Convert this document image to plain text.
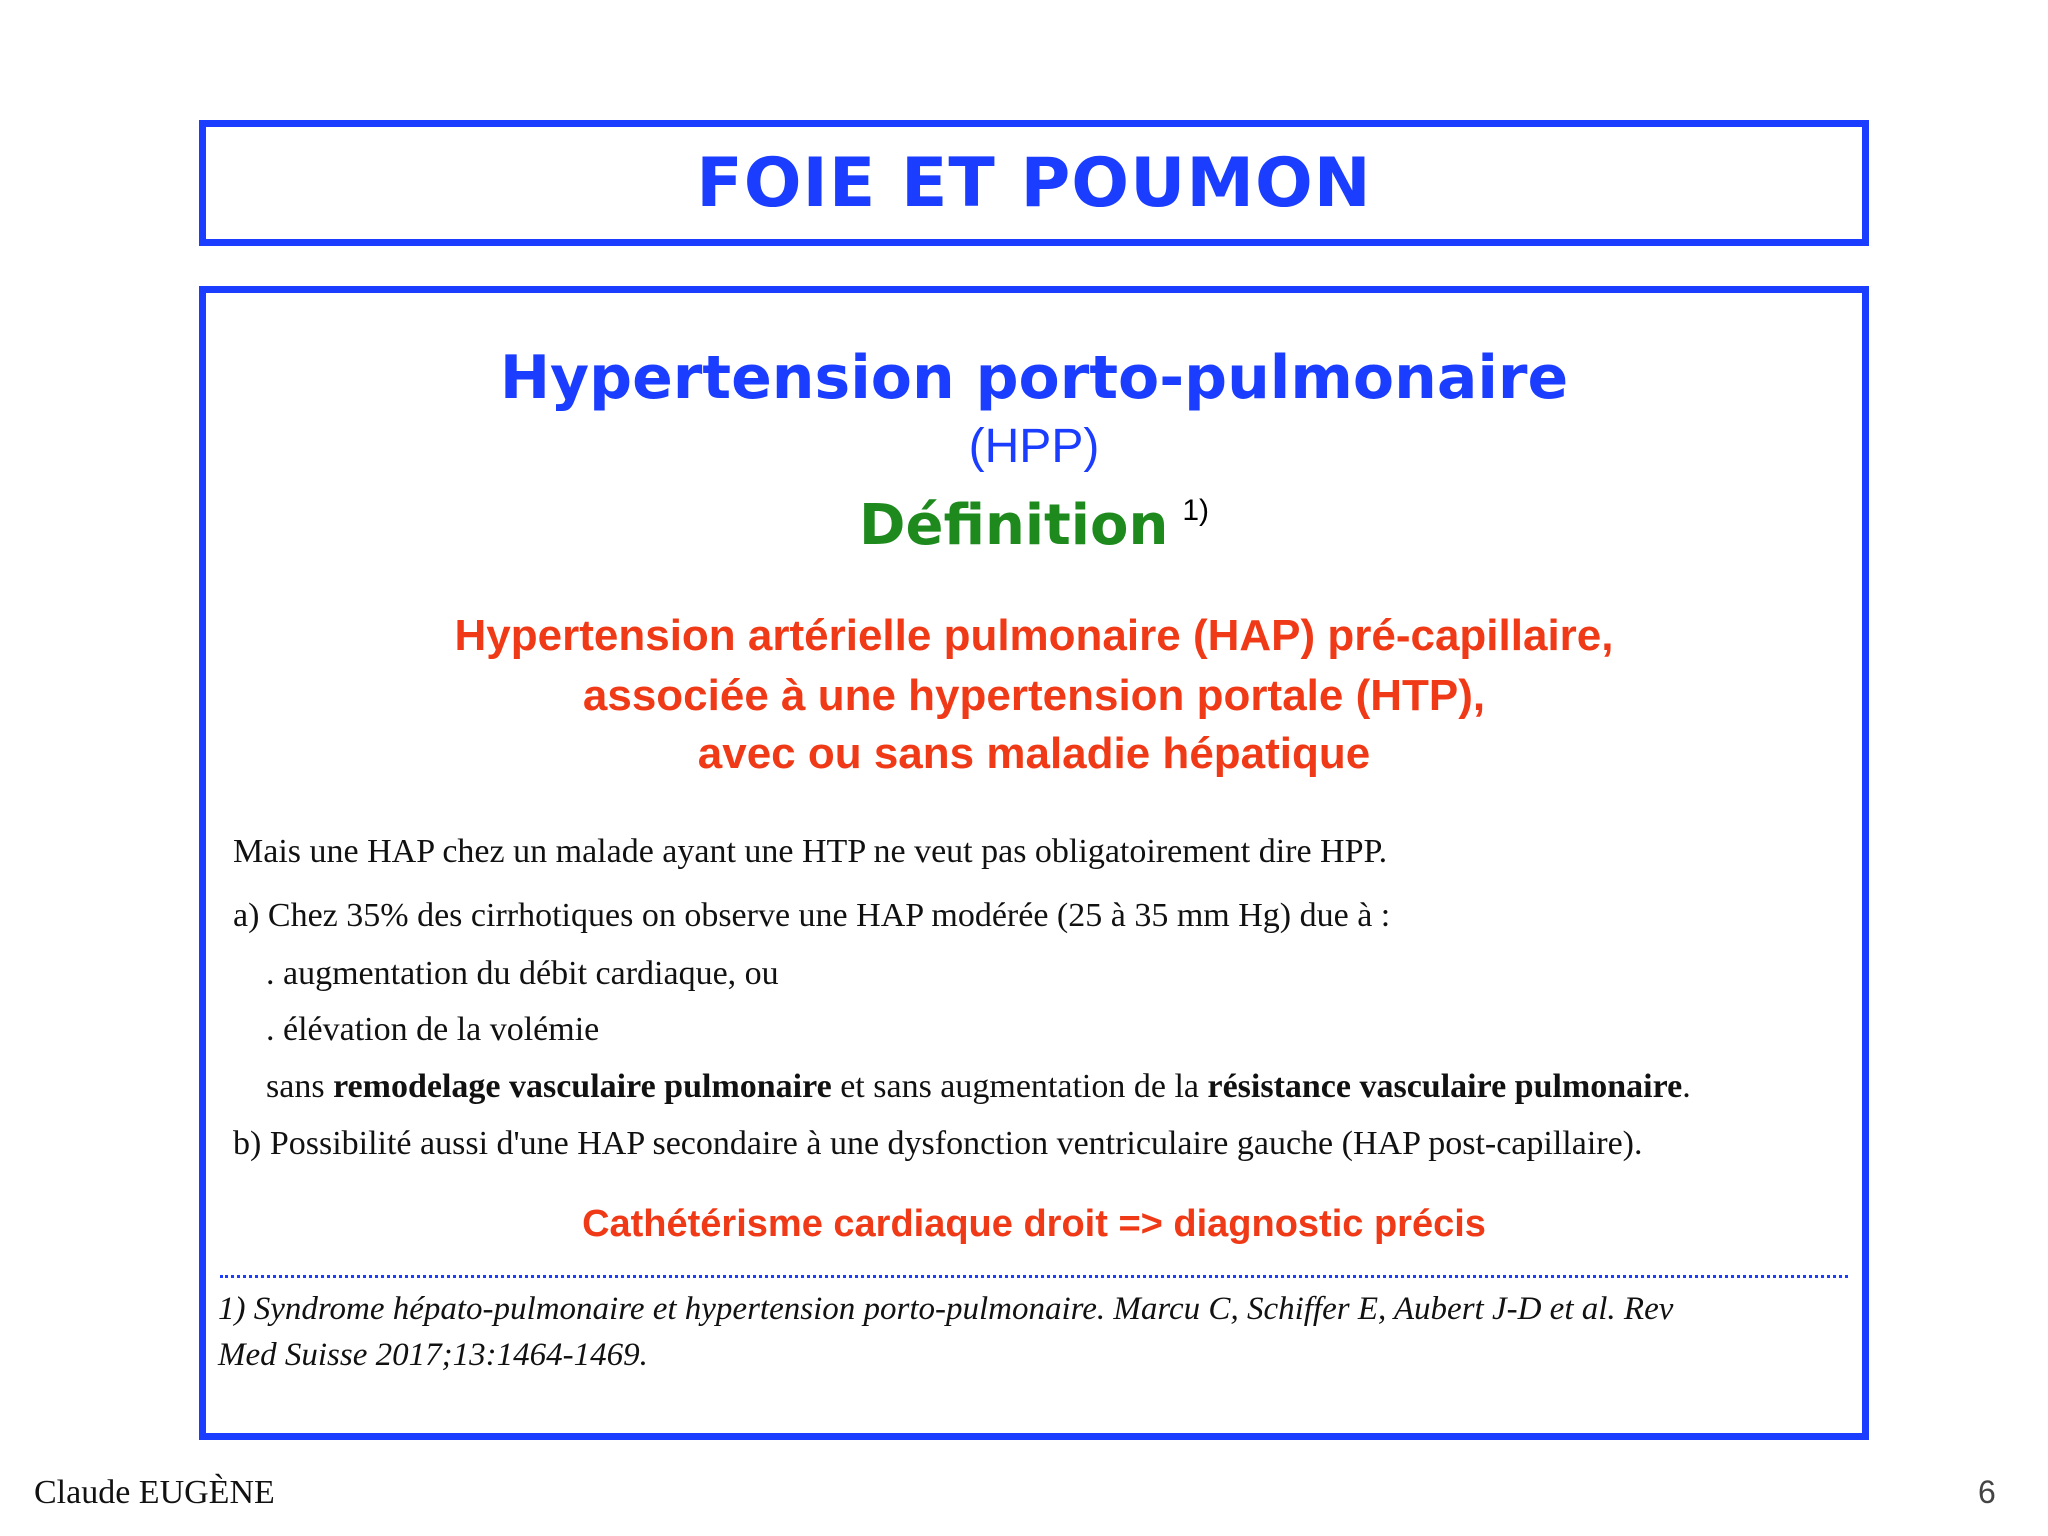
FOIE ET POUMON
Hypertension porto-pulmonaire
(HPP)
Définition $^{1)}$
Hypertension artérielle pulmonaire (HAP) pré-capillaire,
associée à une hypertension portale (HTP),
avec ou sans maladie hépatique
Mais une HAP chez un malade ayant une HTP ne veut pas obligatoirement dire HPP.
a) Chez 35% des cirrhotiques on observe une HAP modérée (25 à 35 mm Hg) due à :
. augmentation du débit cardiaque, ou
. élévation de la volémie
sans remodelage vasculaire pulmonaire et sans augmentation de la résistance vasculaire pulmonaire.
b) Possibilité aussi d'une HAP secondaire à une dysfonction ventriculaire gauche (HAP post-capillaire).
Cathétérisme cardiaque droit => diagnostic précis
1) Syndrome hépato-pulmonaire et hypertension porto-pulmonaire. Marcu C, Schiffer E, Aubert J-D et al. Rev
Med Suisse 2017;13:1464-1469.
Claude EUGÈNE	6
